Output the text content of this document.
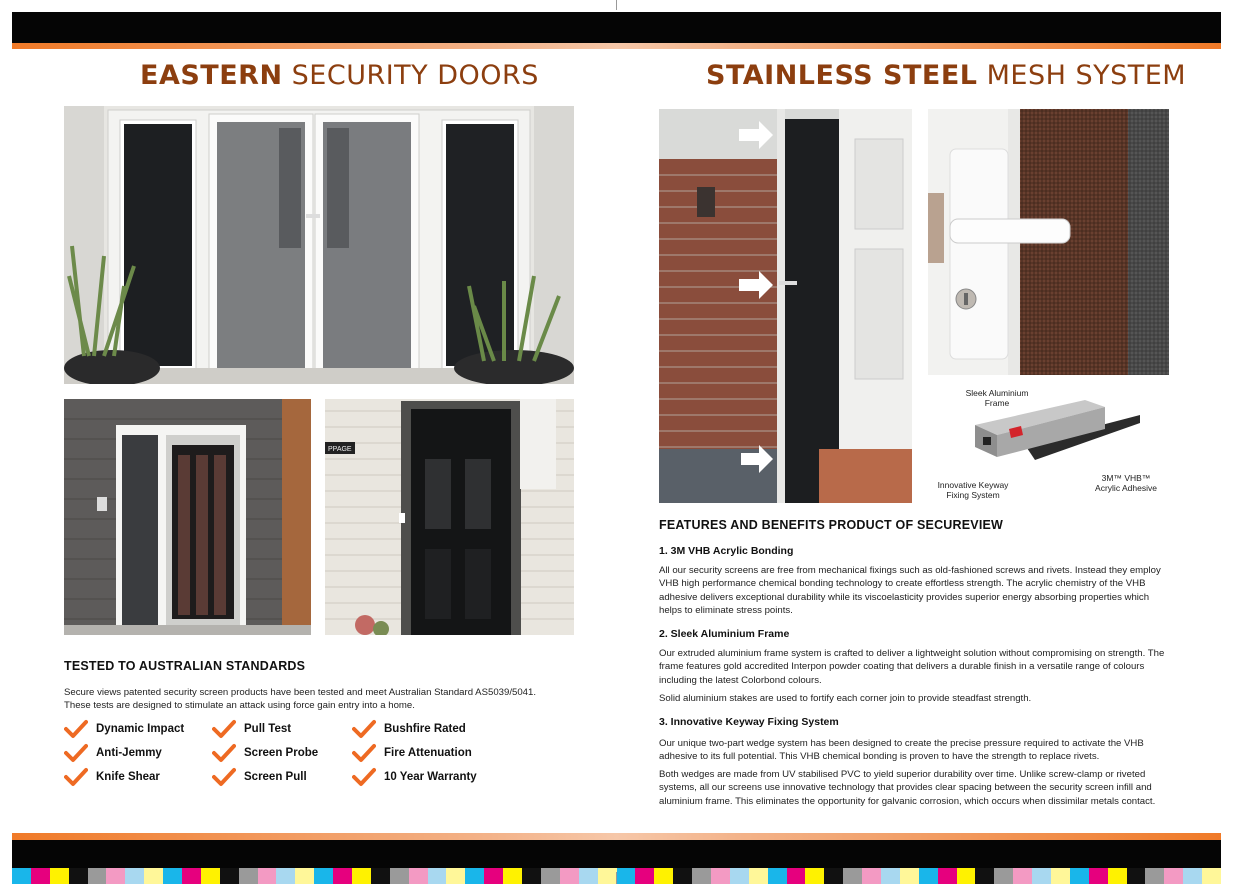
EASTERN SECURITY DOORS	STAINLESS STEEL MESH SYSTEM
PPAGE
TESTED TO AUSTRALIAN STANDARDS

Secure views patented security screen products have been tested and meet Australian Standard AS5039/5041. These tests are designed to stimulate an attack using force gain entry into a home.

Dynamic Impact	Pull Test	Bushfire Rated
Anti-Jemmy	Screen Probe	Fire Attenuation
Knife Shear	Screen Pull	10 Year Warranty
Sleek Aluminium Frame
Innovative Keyway Fixing System
3M™ VHB™ Acrylic Adhesive
FEATURES AND BENEFITS PRODUCT OF SECUREVIEW
1. 3M VHB Acrylic Bonding

All our security screens are free from mechanical fixings such as old-fashioned screws and rivets. Instead they employ VHB high performance chemical bonding technology to create effortless strength. The acrylic chemistry of the VHB adhesive delivers exceptional durability while its viscoelasticity provides superior energy absorbing properties which helps to eliminate stress points.

2. Sleek Aluminium Frame

Our extruded aluminium frame system is crafted to deliver a lightweight solution without compromising on strength. The frame features gold accredited Interpon powder coating that delivers a durable finish in a versatile range of colours including the latest Colorbond colours.

Solid aluminium stakes are used to fortify each corner join to provide steadfast strength.

3. Innovative Keyway Fixing System

Our unique two-part wedge system has been designed to create the precise pressure required to activate the VHB adhesive to its full potential. This VHB chemical bonding is proven to have the strength to replace rivets.

Both wedges are made from UV stabilised PVC to yield superior durability over time. Unlike screw-clamp or riveted systems, all our screens use innovative technology that provides clear spacing between the security screen infill and aluminium frame. This eliminates the opportunity for galvanic corrosion, which occurs when dissimilar metals contact.
